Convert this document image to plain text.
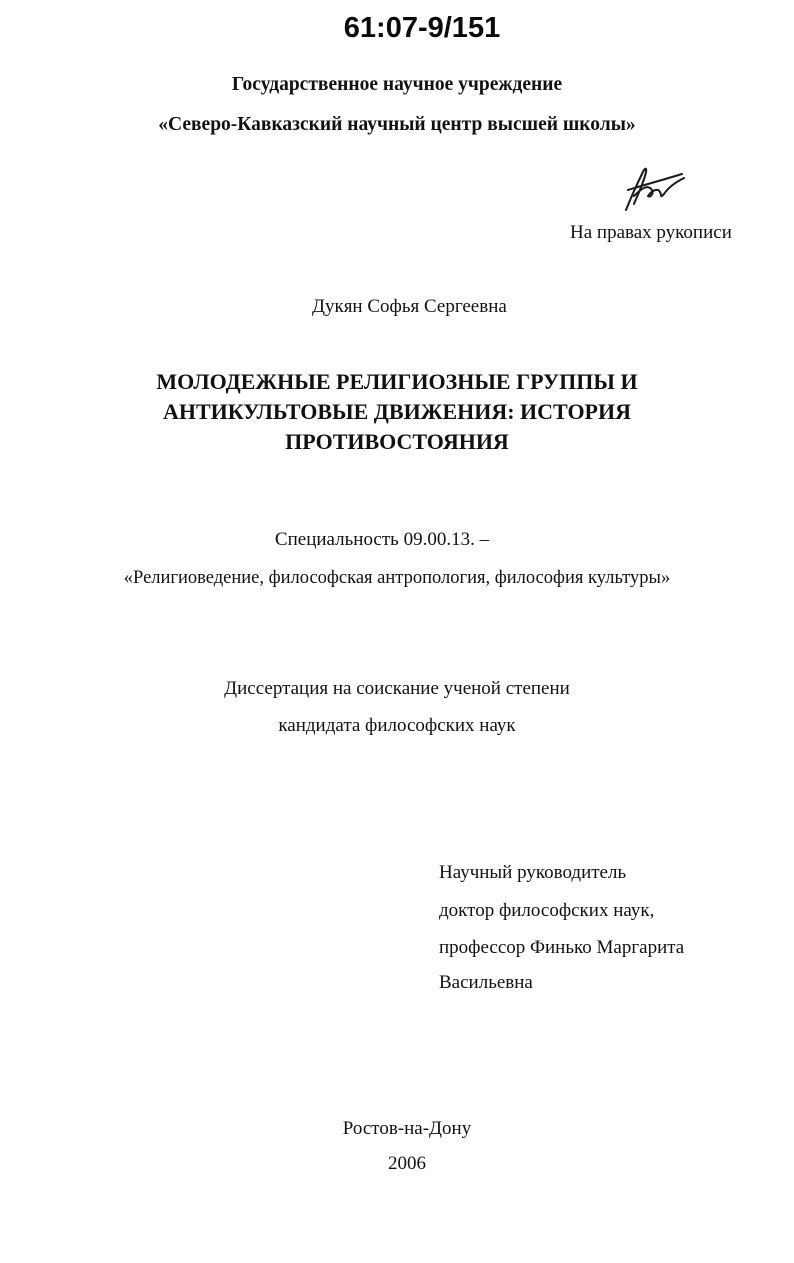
61:07-9/151
Государственное научное учреждение
«Северо-Кавказский научный центр высшей школы»
На правах рукописи
Дукян Софья Сергеевна
МОЛОДЕЖНЫЕ РЕЛИГИОЗНЫЕ ГРУППЫ И
АНТИКУЛЬТОВЫЕ ДВИЖЕНИЯ: ИСТОРИЯ
ПРОТИВОСТОЯНИЯ
Специальность 09.00.13. –
«Религиоведение, философская антропология, философия культуры»
Диссертация на соискание ученой степени
кандидата философских наук
Научный руководитель
доктор философских наук,
профессор Финько Маргарита
Васильевна
Ростов-на-Дону
2006
